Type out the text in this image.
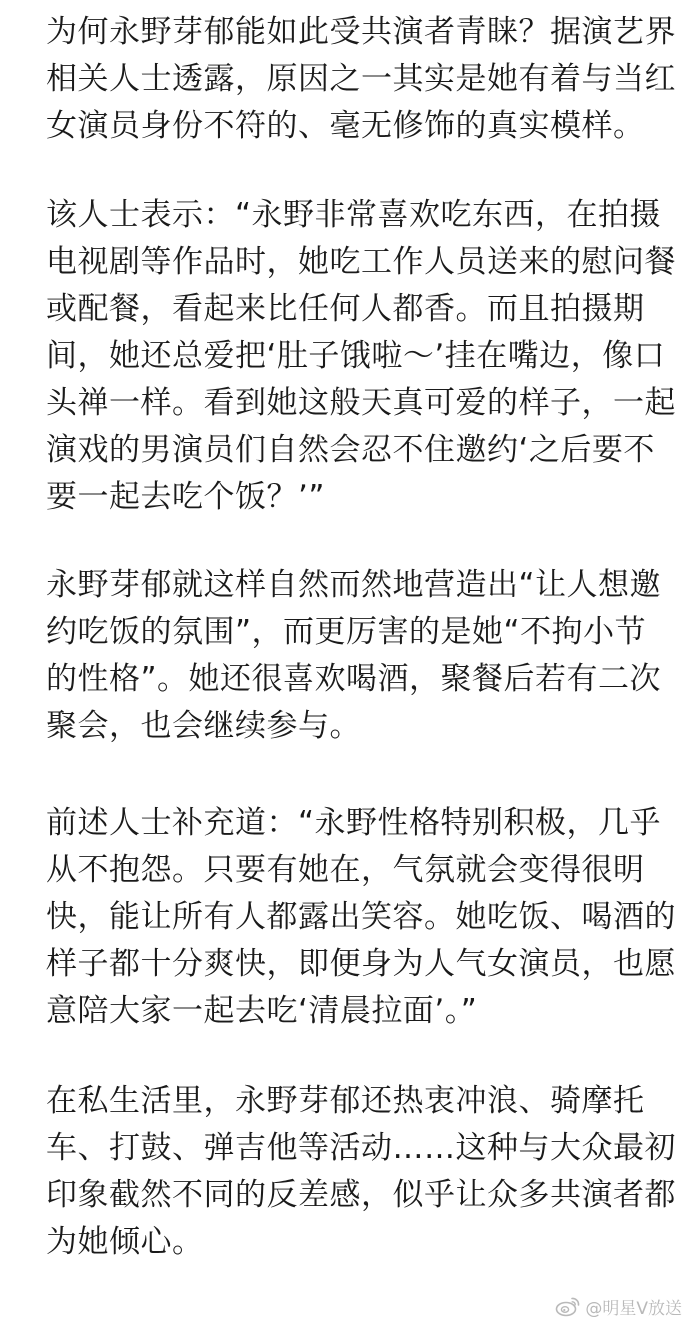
为何永野芽郁能如此受共演者青睐？据演艺界
相关人士透露，原因之一其实是她有着与当红
女演员身份不符的、毫无修饰的真实模样。

该人士表示：“永野非常喜欢吃东西，在拍摄
电视剧等作品时，她吃工作人员送来的慰问餐
或配餐，看起来比任何人都香。而且拍摄期
间，她还总爱把‘肚子饿啦～’挂在嘴边，像口
头禅一样。看到她这般天真可爱的样子，一起
演戏的男演员们自然会忍不住邀约‘之后要不
要一起去吃个饭？’”

永野芽郁就这样自然而然地营造出“让人想邀
约吃饭的氛围”，而更厉害的是她“不拘小节
的性格”。她还很喜欢喝酒，聚餐后若有二次
聚会，也会继续参与。

前述人士补充道：“永野性格特别积极，几乎
从不抱怨。只要有她在，气氛就会变得很明
快，能让所有人都露出笑容。她吃饭、喝酒的
样子都十分爽快，即便身为人气女演员，也愿
意陪大家一起去吃‘清晨拉面’。”

在私生活里，永野芽郁还热衷冲浪、骑摩托
车、打鼓、弹吉他等活动……这种与大众最初
印象截然不同的反差感，似乎让众多共演者都
为她倾心。

@明星V放送
